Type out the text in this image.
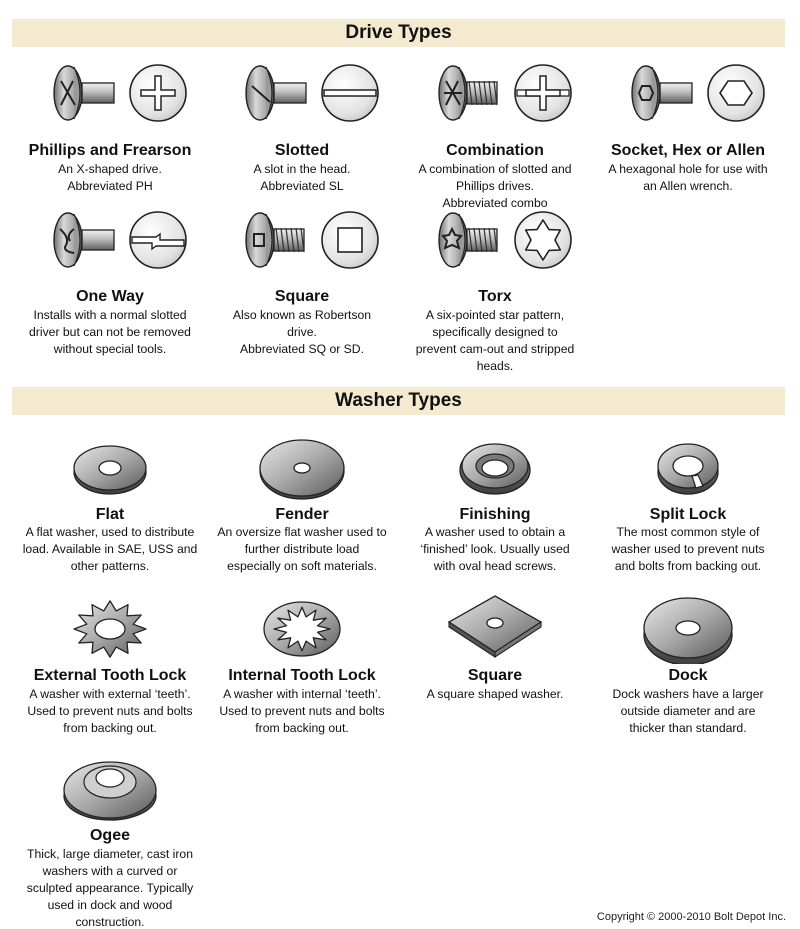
Drive Types
Phillips and Frearson
An X-shaped drive.
Abbreviated PH
Slotted
A slot in the head.
Abbreviated SL
Combination
A combination of slotted and
Phillips drives.
Abbreviated combo
Socket, Hex or Allen
A hexagonal hole for use with
an Allen wrench.
One Way
Installs with a normal slotted
driver but can not be removed
without special tools.
Square
Also known as Robertson
drive.
Abbreviated SQ or SD.
Torx
A six-pointed star pattern,
specifically designed to
prevent cam-out and stripped
heads.
Washer Types
Flat
A flat washer, used to distribute
load. Available in SAE, USS and
other patterns.
Fender
An oversize flat washer used to
further distribute load
especially on soft materials.
Finishing
A washer used to obtain a
‘finished’ look. Usually used
with oval head screws.
Split Lock
The most common style of
washer used to prevent nuts
and bolts from backing out.
External Tooth Lock
A washer with external ‘teeth’.
Used to prevent nuts and bolts
from backing out.
Internal Tooth Lock
A washer with internal ‘teeth’.
Used to prevent nuts and bolts
from backing out.
Square
A square shaped washer.
Dock
Dock washers have a larger
outside diameter and are
thicker than standard.
Ogee
Thick, large diameter, cast iron
washers with a curved or
sculpted appearance. Typically
used in dock and wood
construction.	Copyright © 2000-2010 Bolt Depot Inc.
